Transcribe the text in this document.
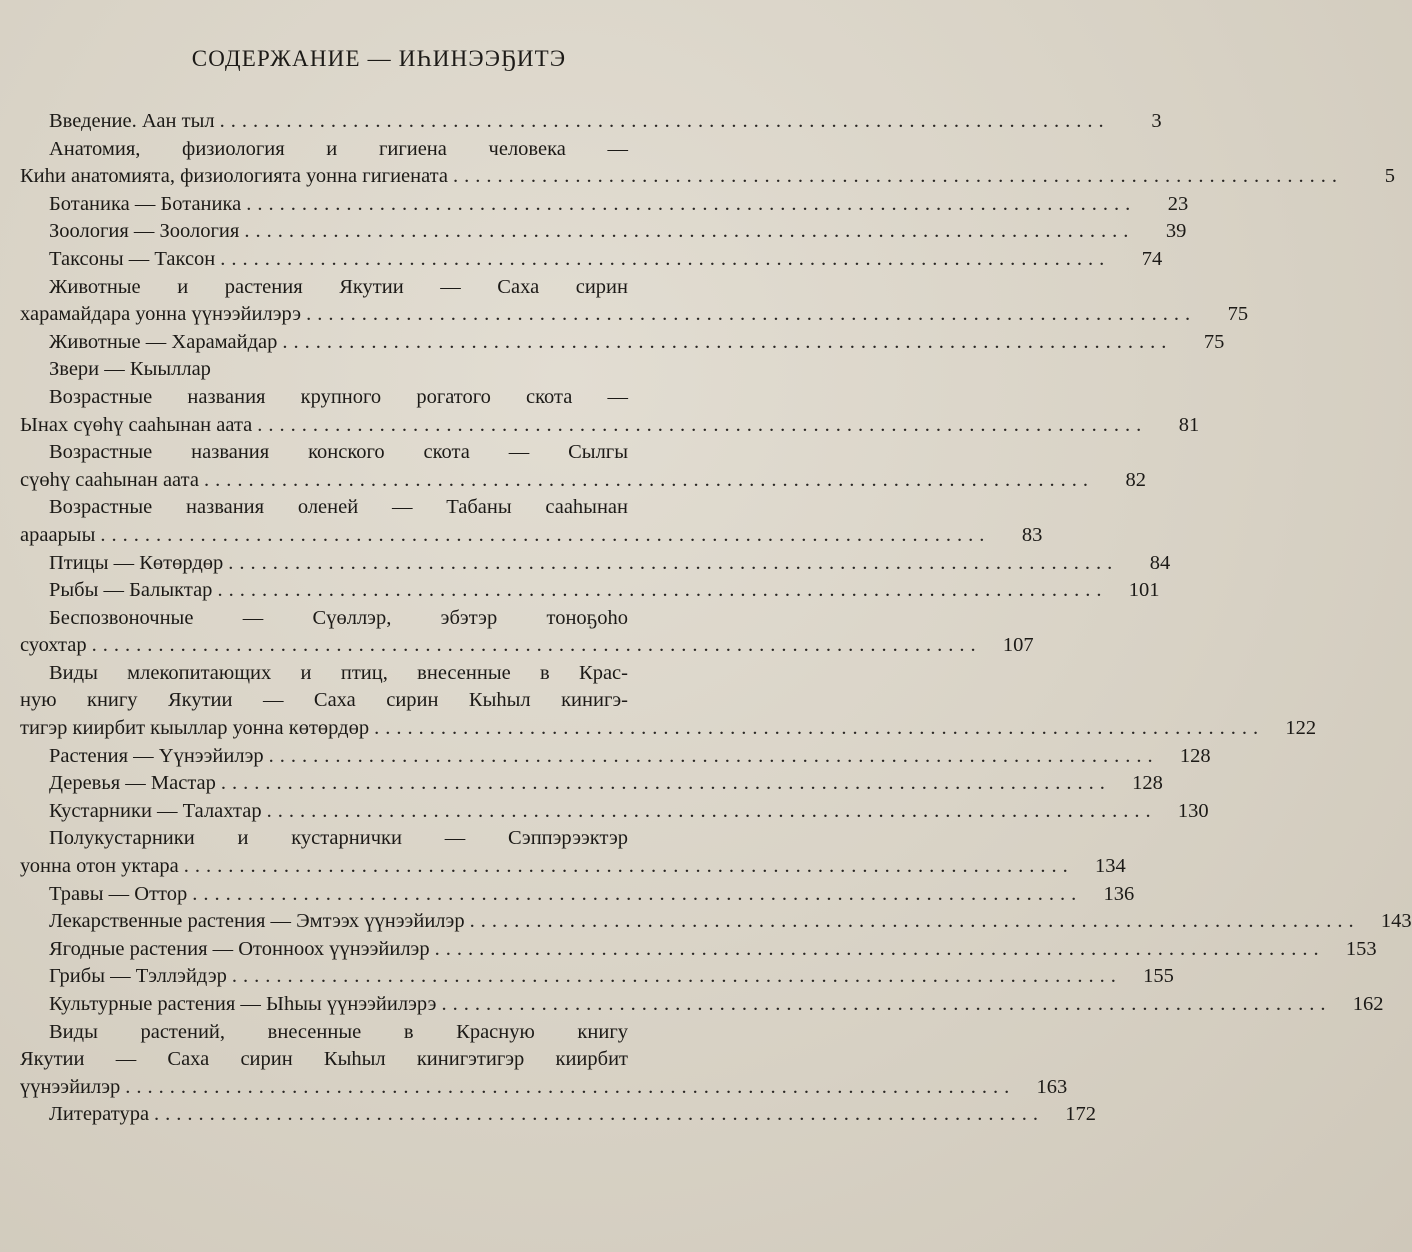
СОДЕРЖАНИЕ — ИҺИНЭЭҔИТЭ
Введение. Аан тыл ................................................................................	3
Анатомия, физиология и гигиена человека —
Киһи анатомията, физиологията уонна гигиената ................................................................................	5
Ботаника — Ботаника ................................................................................	23
Зоология — Зоология ................................................................................	39
Таксоны — Таксон ................................................................................	74
Животные и растения Якутии — Саха сирин
харамайдара уонна үүнээйилэрэ ................................................................................	75
Животные — Харамайдар ................................................................................	75
Звери — Кыыллар
Возрастные названия крупного рогатого скота —
Ынах сүөһү сааһынан аата ................................................................................	81
Возрастные названия конского скота — Сылгы
сүөһү сааһынан аата ................................................................................	82
Возрастные названия оленей — Табаны сааһынан
араарыы ................................................................................	83
Птицы — Көтөрдөр ................................................................................	84
Рыбы — Балыктар ................................................................................	101
Беспозвоночные — Сүөллэр, эбэтэр тоноҕоһо
суохтар ................................................................................	107
Виды млекопитающих и птиц, внесенные в Крас-
ную книгу Якутии — Саха сирин Кыһыл кинигэ-
тигэр киирбит кыыллар уонна көтөрдөр ................................................................................	122
Растения — Үүнээйилэр ................................................................................	128
Деревья — Мастар ................................................................................	128
Кустарники — Талахтар ................................................................................	130
Полукустарники и кустарнички — Сэппэрээктэр
уонна отон уктара ................................................................................	134
Травы — Оттор ................................................................................	136
Лекарственные растения — Эмтээх үүнээйилэр ................................................................................	143
Ягодные растения — Отонноох үүнээйилэр ................................................................................	153
Грибы — Тэллэйдэр ................................................................................	155
Культурные растения — Ыһыы үүнээйилэрэ ................................................................................	162
Виды растений, внесенные в Красную книгу
Якутии — Саха сирин Кыһыл кинигэтигэр киирбит
үүнээйилэр ................................................................................	163
Литература ................................................................................	172
